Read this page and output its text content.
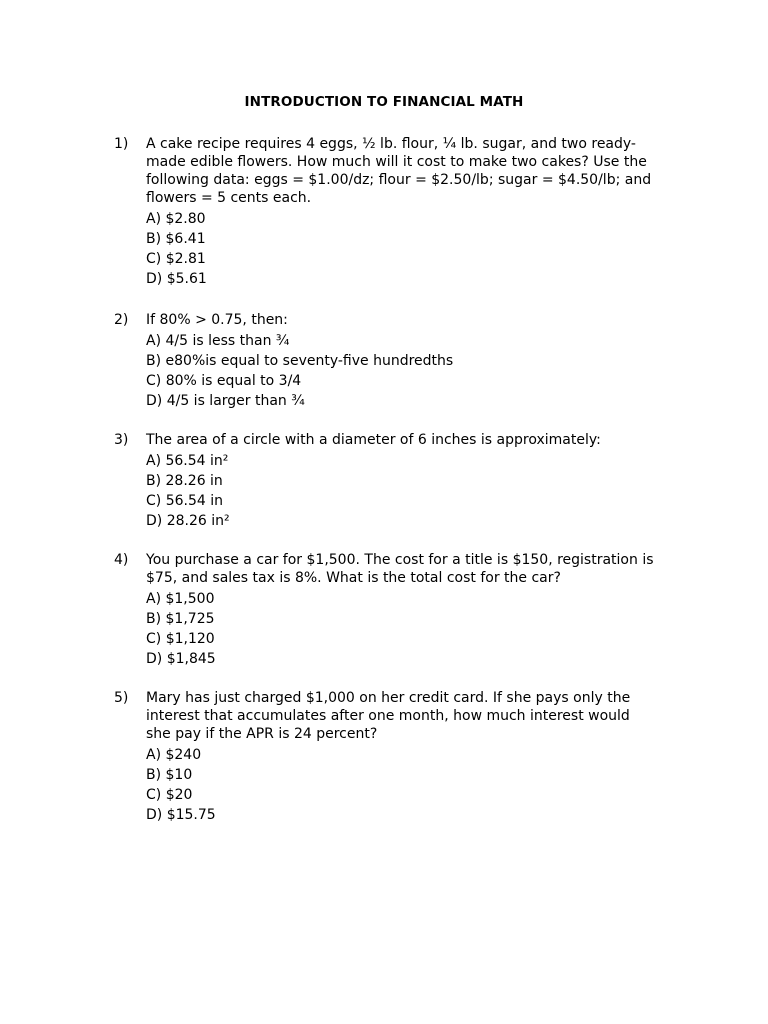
INTRODUCTION TO FINANCIAL MATH
1)	A cake recipe requires 4 eggs, ½ lb. flour, ¼ lb. sugar, and two ready-made edible flowers. How much will it cost to make two cakes? Use the following data: eggs = $1.00/dz; flour = $2.50/lb; sugar = $4.50/lb; and flowers = 5 cents each.
A) $2.80
B) $6.41
C) $2.81
D) $5.61
2)	If 80% > 0.75, then:
A) 4/5 is less than ¾
B) e80%is equal to seventy-five hundredths
C) 80% is equal to 3/4
D) 4/5 is larger than ¾
3)	The area of a circle with a diameter of 6 inches is approximately:
A) 56.54 in²
B) 28.26 in
C) 56.54 in
D) 28.26 in²
4)	You purchase a car for $1,500. The cost for a title is $150, registration is $75, and sales tax is 8%. What is the total cost for the car?
A) $1,500
B) $1,725
C) $1,120
D) $1,845
5)	Mary has just charged $1,000 on her credit card. If she pays only the interest that accumulates after one month, how much interest would she pay if the APR is 24 percent?
A) $240
B) $10
C) $20
D) $15.75
